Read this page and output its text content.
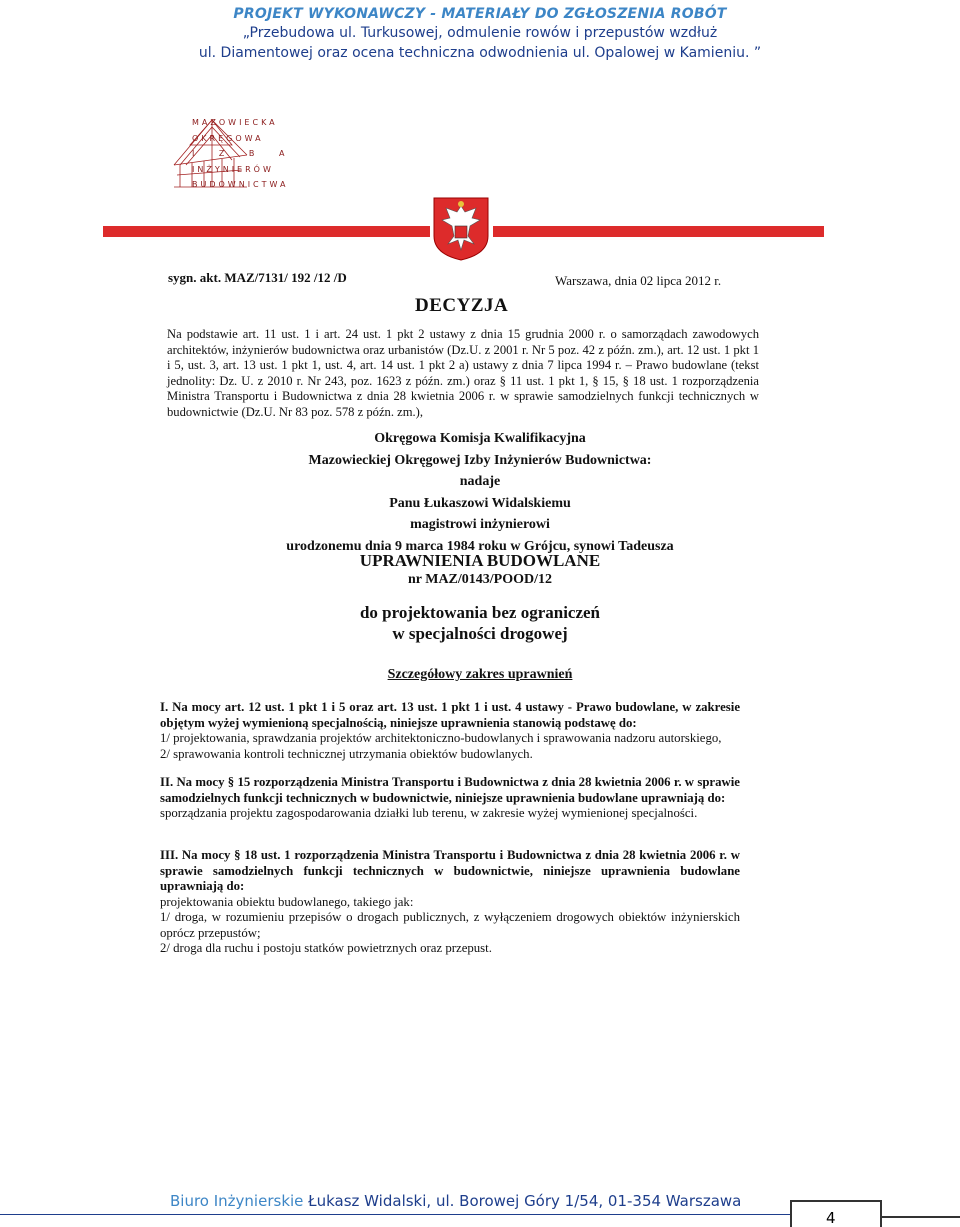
PROJEKT WYKONAWCZY - MATERIAŁY DO ZGŁOSZENIA ROBÓT
„Przebudowa ul. Turkusowej, odmulenie rowów i przepustów wzdłuż
ul. Diamentowej oraz ocena techniczna odwodnienia ul. Opalowej w Kamieniu. ”
MAZOWIECKA
OKRĘGOWA
I Z B A
INŻYNIERÓW
BUDOWNICTWA
sygn. akt. MAZ/7131/ 192 /12 /D	Warszawa, dnia 02 lipca 2012 r.
DECYZJA
Na podstawie art. 11 ust. 1 i art. 24 ust. 1 pkt 2 ustawy z dnia 15 grudnia 2000 r. o samorządach zawodowych architektów, inżynierów budownictwa oraz urbanistów (Dz.U. z 2001 r. Nr 5 poz. 42 z późn. zm.), art. 12 ust. 1 pkt 1 i 5, ust. 3, art. 13 ust. 1 pkt 1, ust. 4, art. 14 ust. 1 pkt 2 a) ustawy z dnia 7 lipca 1994 r. – Prawo budowlane (tekst jednolity: Dz. U. z 2010 r. Nr 243, poz. 1623 z późn. zm.) oraz § 11 ust. 1 pkt 1, § 15, § 18 ust. 1 rozporządzenia Ministra Transportu i Budownictwa z dnia 28 kwietnia 2006 r. w sprawie samodzielnych funkcji technicznych w budownictwie (Dz.U. Nr 83 poz. 578 z późn. zm.),
Okręgowa Komisja Kwalifikacyjna
Mazowieckiej Okręgowej Izby Inżynierów Budownictwa:
nadaje
Panu Łukaszowi Widalskiemu
magistrowi inżynierowi
urodzonemu dnia 9 marca 1984 roku w Grójcu, synowi Tadeusza
UPRAWNIENIA BUDOWLANE
nr MAZ/0143/POOD/12
do projektowania bez ograniczeń
w specjalności drogowej
Szczegółowy zakres uprawnień
I. Na mocy art. 12 ust. 1 pkt 1 i 5 oraz art. 13 ust. 1 pkt 1 i ust. 4 ustawy - Prawo budowlane, w zakresie objętym wyżej wymienioną specjalnością, niniejsze uprawnienia stanowią podstawę do:
1/ projektowania, sprawdzania projektów architektoniczno-budowlanych i sprawowania nadzoru autorskiego,
2/ sprawowania kontroli technicznej utrzymania obiektów budowlanych.
II. Na mocy § 15 rozporządzenia Ministra Transportu i Budownictwa z dnia 28 kwietnia 2006 r. w sprawie samodzielnych funkcji technicznych w budownictwie, niniejsze uprawnienia budowlane uprawniają do:
sporządzania projektu zagospodarowania działki lub terenu, w zakresie wyżej wymienionej specjalności.
III. Na mocy § 18 ust. 1 rozporządzenia Ministra Transportu i Budownictwa z dnia 28 kwietnia 2006 r. w sprawie samodzielnych funkcji technicznych w budownictwie, niniejsze uprawnienia budowlane uprawniają do:
projektowania obiektu budowlanego, takiego jak:
1/ droga, w rozumieniu przepisów o drogach publicznych, z wyłączeniem drogowych obiektów inżynierskich oprócz przepustów;
2/ droga dla ruchu i postoju statków powietrznych oraz przepust.
Biuro Inżynierskie Łukasz Widalski, ul. Borowej Góry 1/54, 01-354 Warszawa
4
